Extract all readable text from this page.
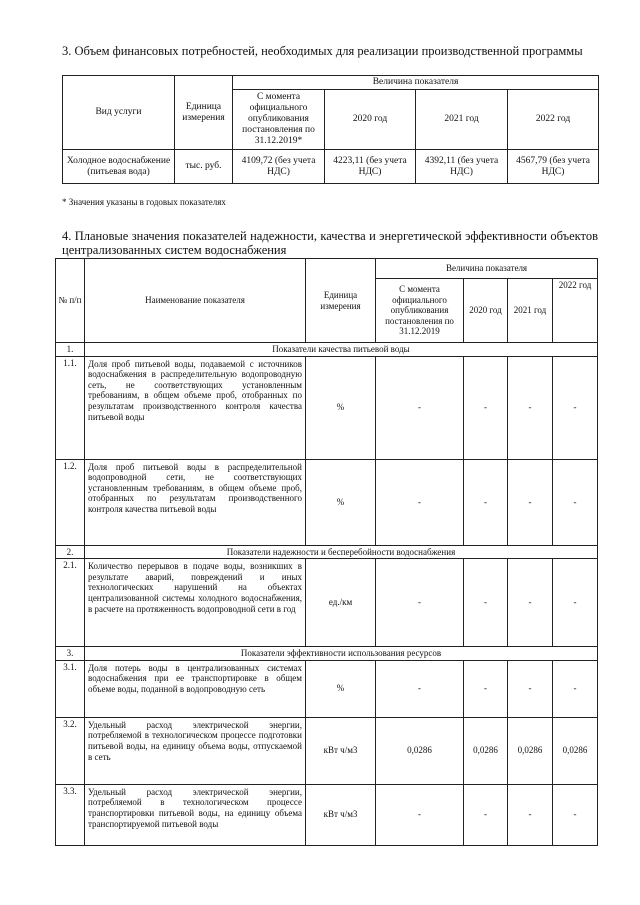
3. Объем финансовых потребностей, необходимых для реализации производственной программы
Вид услуги	Единица измерения	Величина показателя			
		С момента официального опубликования постановления по 31.12.2019*	2020 год	2021 год	2022 год
Холодное водоснабжение (питьевая вода)	тыс. руб.	4109,72 (без учета НДС)	4223,11 (без учета НДС)	4392,11 (без учета НДС)	4567,79 (без учета НДС)
* Значения указаны в годовых показателях
4. Плановые значения показателей надежности, качества и энергетической эффективности объектов централизованных систем водоснабжения
№ п/п	Наименование показателя	Единица измерения	Величина показателя			
			С момента официального опубликования постановления по 31.12.2019	2020 год	2021 год	2022 год
1.	Показатели качества питьевой воды					
1.1.	Доля проб питьевой воды, подаваемой с источников водоснабжения в распределительную водопроводную сеть, не соответствующих установленным требованиям, в общем объеме проб, отобранных по результатам производственного контроля качества питьевой воды	%	-	-	-	-
1.2.	Доля проб питьевой воды в распределительной водопроводной сети, не соответствующих установленным требованиям, в общем объеме проб, отобранных по результатам производственного контроля качества питьевой воды	%	-	-	-	-
2.	Показатели надежности и бесперебойности водоснабжения					
2.1.	Количество перерывов в подаче воды, возникших в результате аварий, повреждений и иных технологических нарушений на объектах централизованной системы холодного водоснабжения, в расчете на протяженность водопроводной сети в год	ед./км	-	-	-	-
3.	Показатели эффективности использования ресурсов					
3.1.	Доля потерь воды в централизованных системах водоснабжения при ее транспортировке в общем объеме воды, поданной в водопроводную сеть	%	-	-	-	-
3.2.	Удельный расход электрической энергии, потребляемой в технологическом процессе подготовки питьевой воды, на единицу объема воды, отпускаемой в сеть	кВт ч/м3	0,0286	0,0286	0,0286	0,0286
3.3.	Удельный расход электрической энергии, потребляемой в технологическом процессе транспортировки питьевой воды, на единицу объема транспортируемой питьевой воды	кВт ч/м3	-	-	-	-
